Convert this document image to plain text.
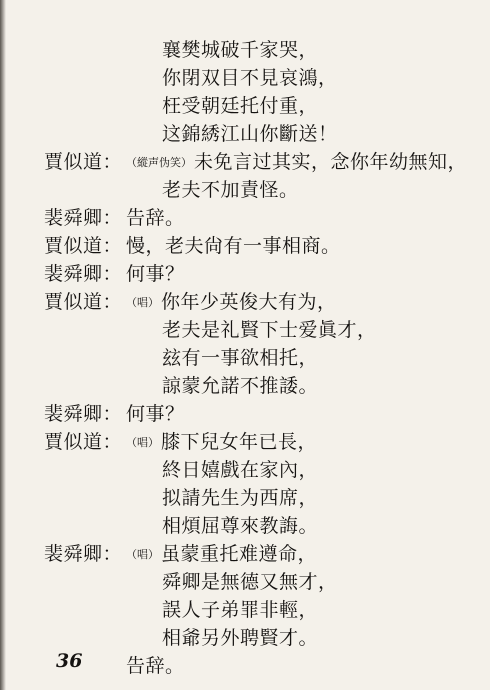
襄樊城破千家哭，
你閉双目不見哀鴻，
枉受朝廷托付重，
这錦綉江山你斷送！
賈似道： （縱声伪笑） 未免言过其实，念你年幼無知，
老夫不加責怪。
裴舜卿： 告辞。
賈似道： 慢，老夫尙有一事相商。
裴舜卿： 何事？
賈似道： （唱） 你年少英俊大有为，
老夫是礼賢下士爱眞才，
玆有一事欲相托，
諒蒙允諾不推諉。
裴舜卿： 何事？
賈似道： （唱） 膝下兒女年已長，
終日嬉戲在家內，
拟請先生为西席，
相煩屈尊來教誨。
裴舜卿： （唱） 虽蒙重托难遵命，
舜卿是無德又無才，
誤人子弟罪非輕，
相爺另外聘賢才。
告辞。
36
